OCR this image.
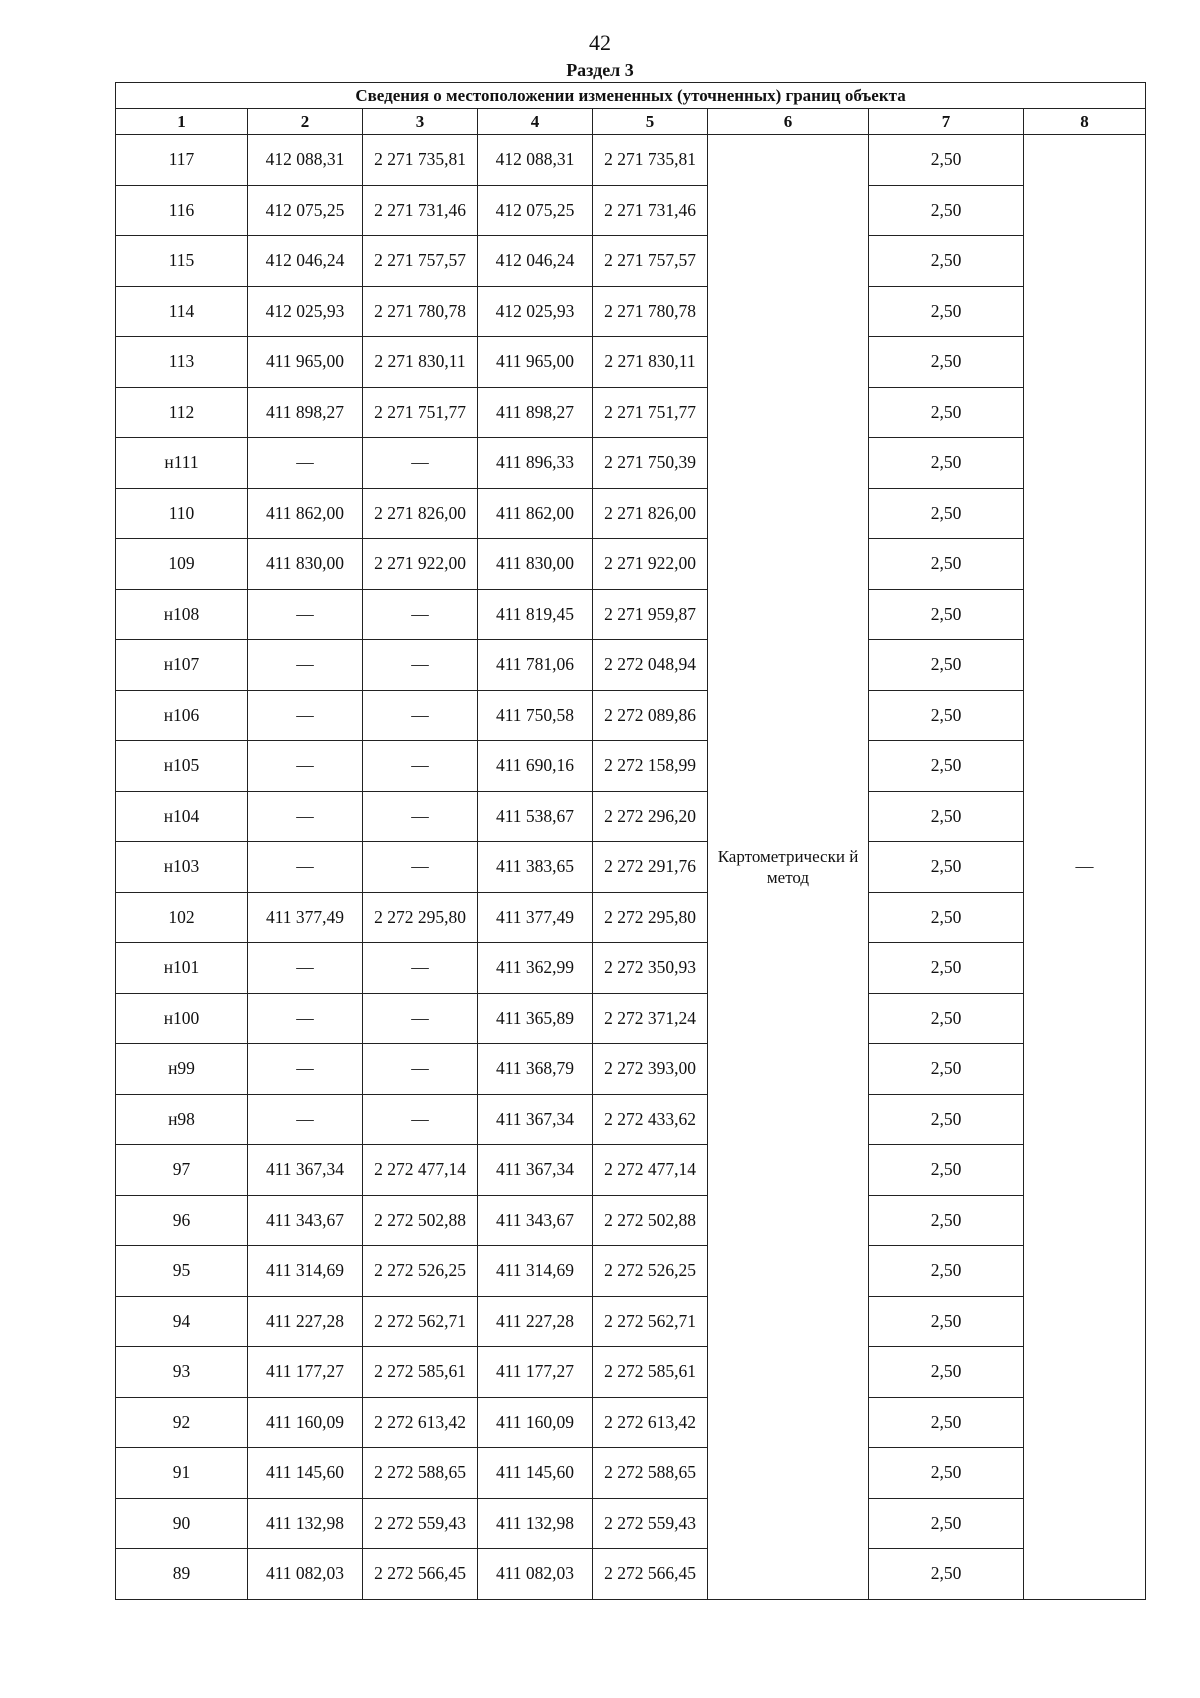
42
Раздел 3
Сведения о местоположении измененных (уточненных) границ объекта							
1	2	3	4	5	6	7	8
117	412 088,31	2 271 735,81	412 088,31	2 271 735,81	Картометрически й метод	2,50	—
116	412 075,25	2 271 731,46	412 075,25	2 271 731,46		2,50	
115	412 046,24	2 271 757,57	412 046,24	2 271 757,57		2,50	
114	412 025,93	2 271 780,78	412 025,93	2 271 780,78		2,50	
113	411 965,00	2 271 830,11	411 965,00	2 271 830,11		2,50	
112	411 898,27	2 271 751,77	411 898,27	2 271 751,77		2,50	
н111	—	—	411 896,33	2 271 750,39		2,50	
110	411 862,00	2 271 826,00	411 862,00	2 271 826,00		2,50	
109	411 830,00	2 271 922,00	411 830,00	2 271 922,00		2,50	
н108	—	—	411 819,45	2 271 959,87		2,50	
н107	—	—	411 781,06	2 272 048,94		2,50	
н106	—	—	411 750,58	2 272 089,86		2,50	
н105	—	—	411 690,16	2 272 158,99		2,50	
н104	—	—	411 538,67	2 272 296,20		2,50	
н103	—	—	411 383,65	2 272 291,76		2,50	
102	411 377,49	2 272 295,80	411 377,49	2 272 295,80		2,50	
н101	—	—	411 362,99	2 272 350,93		2,50	
н100	—	—	411 365,89	2 272 371,24		2,50	
н99	—	—	411 368,79	2 272 393,00		2,50	
н98	—	—	411 367,34	2 272 433,62		2,50	
97	411 367,34	2 272 477,14	411 367,34	2 272 477,14		2,50	
96	411 343,67	2 272 502,88	411 343,67	2 272 502,88		2,50	
95	411 314,69	2 272 526,25	411 314,69	2 272 526,25		2,50	
94	411 227,28	2 272 562,71	411 227,28	2 272 562,71		2,50	
93	411 177,27	2 272 585,61	411 177,27	2 272 585,61		2,50	
92	411 160,09	2 272 613,42	411 160,09	2 272 613,42		2,50	
91	411 145,60	2 272 588,65	411 145,60	2 272 588,65		2,50	
90	411 132,98	2 272 559,43	411 132,98	2 272 559,43		2,50	
89	411 082,03	2 272 566,45	411 082,03	2 272 566,45		2,50	
